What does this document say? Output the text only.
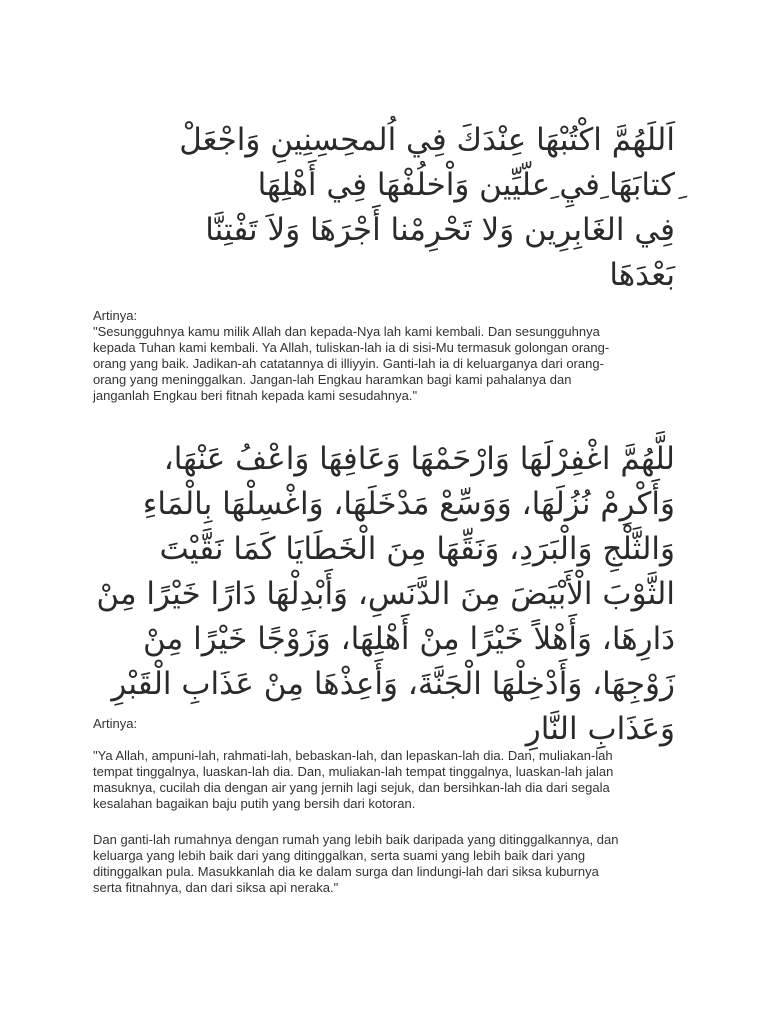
اَللَهُمَّ اكْتُبْهَا عِنْدَكَ فِي اُلمحِسِنِينِ وَاجْعَلْ
ِكتابَهَا ِفيِ ِعلّيِّين وَاْخلُفْهَا فِي أَهْلِهَا
فِي الغَابِرِين وَلا تَحْرِمْنا أَجْرَهَا وَلاَ تَفْتِنَّا
بَعْدَهَا

Artinya:

"Sesungguhnya kamu milik Allah dan kepada-Nya lah kami kembali. Dan sesungguhnya
kepada Tuhan kami kembali. Ya Allah, tuliskan-lah ia di sisi-Mu termasuk golongan orang-
orang yang baik. Jadikan-ah catatannya di illiyyin. Ganti-lah ia di keluarganya dari orang-
orang yang meninggalkan. Jangan-lah Engkau haramkan bagi kami pahalanya dan
janganlah Engkau beri fitnah kepada kami sesudahnya."

للَّهُمَّ اغْفِرْلَهَا وَارْحَمْهَا وَعَافِهَا وَاعْفُ عَنْهَا،
وَأَكْرِمْ نُزُلَهَا، وَوَسِّعْ مَدْخَلَهَا، وَاغْسِلْهَا بِالْمَاءِ
وَالثَّلْجِ وَالْبَرَدِ، وَنَقِّهَا مِنَ الْخَطَايَا كَمَا نَقَّيْتَ
الثَّوْبَ الْأَبْيَضَ مِنَ الدَّنَسِ، وَأَبْدِلْهَا دَارًا خَيْرًا مِنْ
دَارِهَا، وَأَهْلاً خَيْرًا مِنْ أَهْلِهَا، وَزَوْجًا خَيْرًا مِنْ
زَوْجِهَا، وَأَدْخِلْهَا الْجَنَّةَ، وَأَعِذْهَا مِنْ عَذَابِ الْقَبْرِ
وَعَذَابِ النَّارِ

Artinya:

"Ya Allah, ampuni-lah, rahmati-lah, bebaskan-lah, dan lepaskan-lah dia. Dan, muliakan-lah
tempat tinggalnya, luaskan-lah dia. Dan, muliakan-lah tempat tinggalnya, luaskan-lah jalan
masuknya, cucilah dia dengan air yang jernih lagi sejuk, dan bersihkan-lah dia dari segala
kesalahan bagaikan baju putih yang bersih dari kotoran.

Dan ganti-lah rumahnya dengan rumah yang lebih baik daripada yang ditinggalkannya, dan
keluarga yang lebih baik dari yang ditinggalkan, serta suami yang lebih baik dari yang
ditinggalkan pula. Masukkanlah dia ke dalam surga dan lindungi-lah dari siksa kuburnya
serta fitnahnya, dan dari siksa api neraka."
